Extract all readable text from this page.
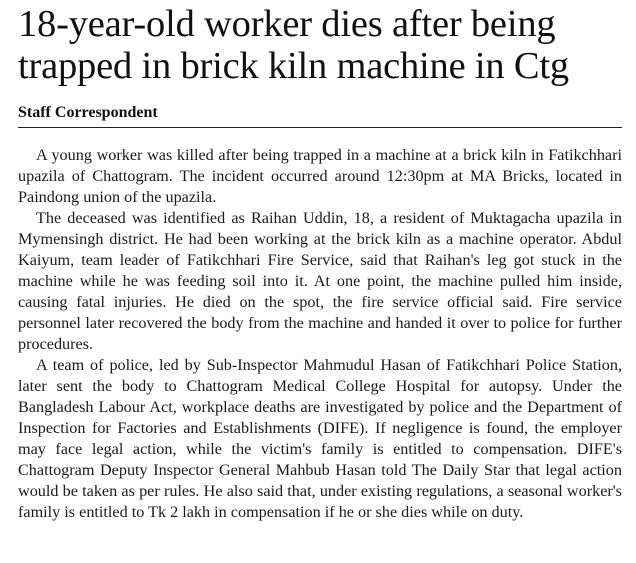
18-year-old worker dies after being trapped in brick kiln machine in Ctg
Staff Correspondent

A young worker was killed after being trapped in a machine at a brick kiln in Fatikchhari upazila of Chattogram. The incident occurred around 12:30pm at MA Bricks, located in Paindong union of the upazila.

The deceased was identified as Raihan Uddin, 18, a resident of Muktagacha upazila in Mymensingh district. He had been working at the brick kiln as a machine operator. Abdul Kaiyum, team leader of Fatikchhari Fire Service, said that Raihan's leg got stuck in the machine while he was feeding soil into it. At one point, the machine pulled him inside, causing fatal injuries. He died on the spot, the fire service official said. Fire service personnel later recovered the body from the machine and handed it over to police for further procedures.

A team of police, led by Sub-Inspector Mahmudul Hasan of Fatikchhari Police Station, later sent the body to Chattogram Medical College Hospital for autopsy. Under the Bangladesh Labour Act, workplace deaths are investigated by police and the Department of Inspection for Factories and Establishments (DIFE). If negligence is found, the employer may face legal action, while the victim's family is entitled to compensation. DIFE's Chattogram Deputy Inspector General Mahbub Hasan told The Daily Star that legal action would be taken as per rules. He also said that, under existing regulations, a seasonal worker's family is entitled to Tk 2 lakh in compensation if he or she dies while on duty.
